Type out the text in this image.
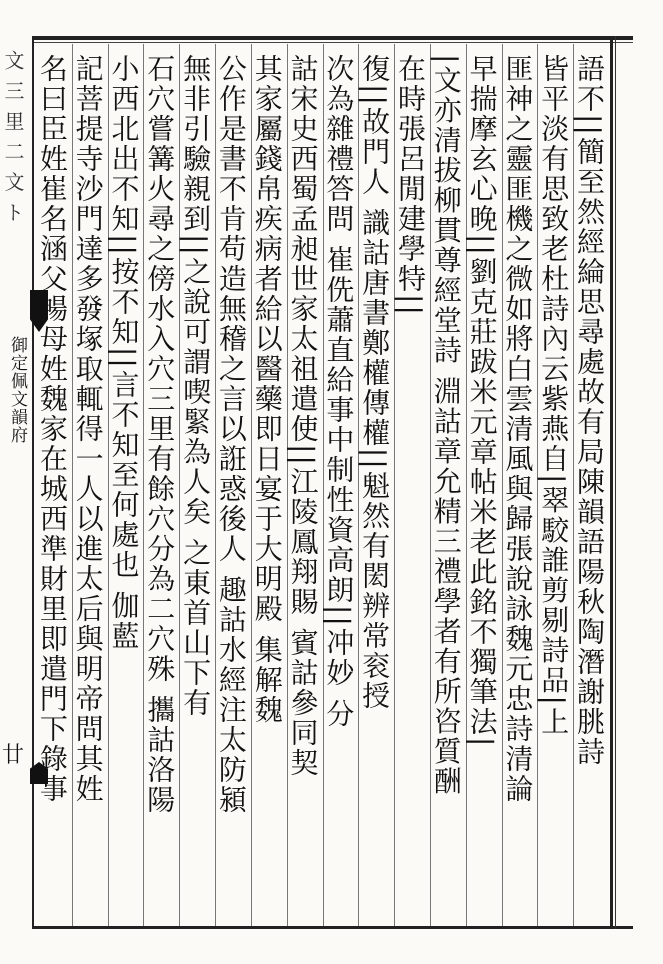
文 三 里 二 文 ト
御定佩文韻府
廿	語不||簡至然經綸思尋處故有局陳韻語陽秋陶潛謝朓詩
皆平淡有思致老杜詩內云紫燕自|翠駮誰剪剔詩品|上
匪神之靈匪機之微如將白雲清風與歸張說詠魏元忠詩清論
早揣摩玄心晚||劉克莊跋米元章帖米老此銘不獨筆法|
|文亦清拔柳貫尊經堂詩 淵詁章允精三禮學者有所咨質酬
在時張呂閒建學特||
復||故門人 識詁唐書鄭權傳權||魁然有閎辨常衮授
次為雜禮答問 崔侁蕭直給事中制性資高朗||冲妙 分
詁宋史西蜀孟昶世家太祖遣使||江陵鳳翔賜 賓詁參同契
其家屬錢帛疾病者給以醫藥即日宴于大明殿 集解魏
公作是書不肯苟造無稽之言以誑惑後人 趣詁水經注太防潁
無非引驗親到||之說可謂喫緊為人矣 之東首山下有
石穴嘗篝火尋之傍水入穴三里有餘穴分為二穴殊 攜詁洛陽
小西北出不知||按不知||言不知至何處也 伽藍
記菩提寺沙門達多發塚取輒得一人以進太后與明帝問其姓
名曰臣姓崔名涵父暢母姓魏家在城西準財里即遣門下錄事
